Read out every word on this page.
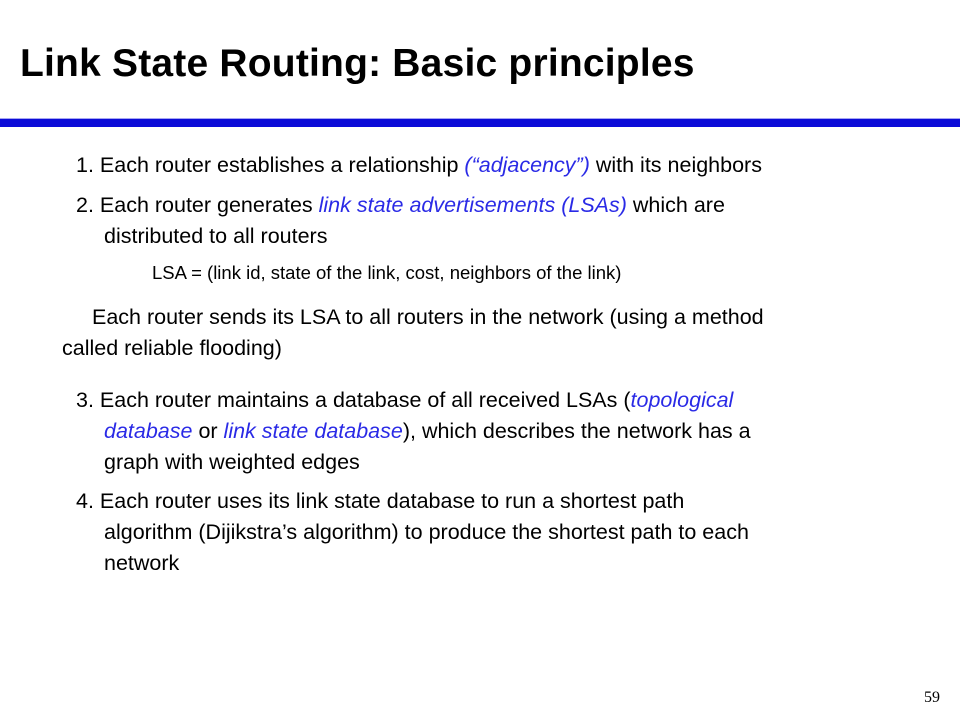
Link State Routing: Basic principles
1. Each router establishes a relationship (“adjacency”) with its neighbors
2. Each router generates link state advertisements (LSAs) which are
distributed to all routers
LSA = (link id, state of the link, cost, neighbors of the link)
Each router sends its LSA to all routers in the network (using a method
called reliable flooding)
3. Each router maintains a database of all received LSAs (topological
database or link state database), which describes the network has a
graph with weighted edges
4. Each router uses its link state database to run a shortest path
algorithm (Dijikstra’s algorithm) to produce the shortest path to each
network
59
